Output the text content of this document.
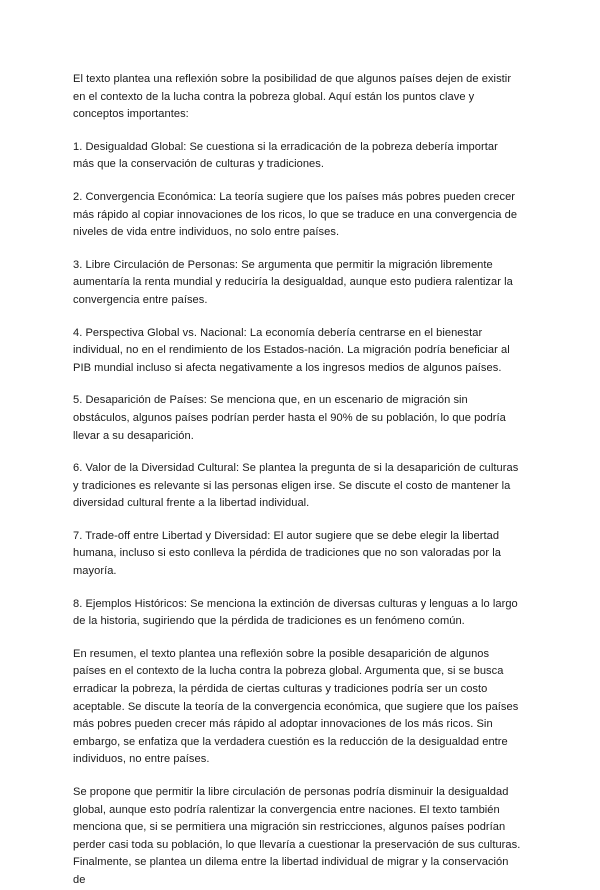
El texto plantea una reflexión sobre la posibilidad de que algunos países dejen de existir en el contexto de la lucha contra la pobreza global. Aquí están los puntos clave y conceptos importantes:

1. Desigualdad Global: Se cuestiona si la erradicación de la pobreza debería importar más que la conservación de culturas y tradiciones.

2. Convergencia Económica: La teoría sugiere que los países más pobres pueden crecer más rápido al copiar innovaciones de los ricos, lo que se traduce en una convergencia de niveles de vida entre individuos, no solo entre países.

3. Libre Circulación de Personas: Se argumenta que permitir la migración libremente aumentaría la renta mundial y reduciría la desigualdad, aunque esto pudiera ralentizar la convergencia entre países.

4. Perspectiva Global vs. Nacional: La economía debería centrarse en el bienestar individual, no en el rendimiento de los Estados-nación. La migración podría beneficiar al PIB mundial incluso si afecta negativamente a los ingresos medios de algunos países.

5. Desaparición de Países: Se menciona que, en un escenario de migración sin obstáculos, algunos países podrían perder hasta el 90% de su población, lo que podría llevar a su desaparición.

6. Valor de la Diversidad Cultural: Se plantea la pregunta de si la desaparición de culturas y tradiciones es relevante si las personas eligen irse. Se discute el costo de mantener la diversidad cultural frente a la libertad individual.

7. Trade-off entre Libertad y Diversidad: El autor sugiere que se debe elegir la libertad humana, incluso si esto conlleva la pérdida de tradiciones que no son valoradas por la mayoría.

8. Ejemplos Históricos: Se menciona la extinción de diversas culturas y lenguas a lo largo de la historia, sugiriendo que la pérdida de tradiciones es un fenómeno común.

En resumen, el texto plantea una reflexión sobre la posible desaparición de algunos países en el contexto de la lucha contra la pobreza global. Argumenta que, si se busca erradicar la pobreza, la pérdida de ciertas culturas y tradiciones podría ser un costo aceptable. Se discute la teoría de la convergencia económica, que sugiere que los países más pobres pueden crecer más rápido al adoptar innovaciones de los más ricos. Sin embargo, se enfatiza que la verdadera cuestión es la reducción de la desigualdad entre individuos, no entre países.

Se propone que permitir la libre circulación de personas podría disminuir la desigualdad global, aunque esto podría ralentizar la convergencia entre naciones. El texto también menciona que, si se permitiera una migración sin restricciones, algunos países podrían perder casi toda su población, lo que llevaría a cuestionar la preservación de sus culturas. Finalmente, se plantea un dilema entre la libertad individual de migrar y la conservación de
